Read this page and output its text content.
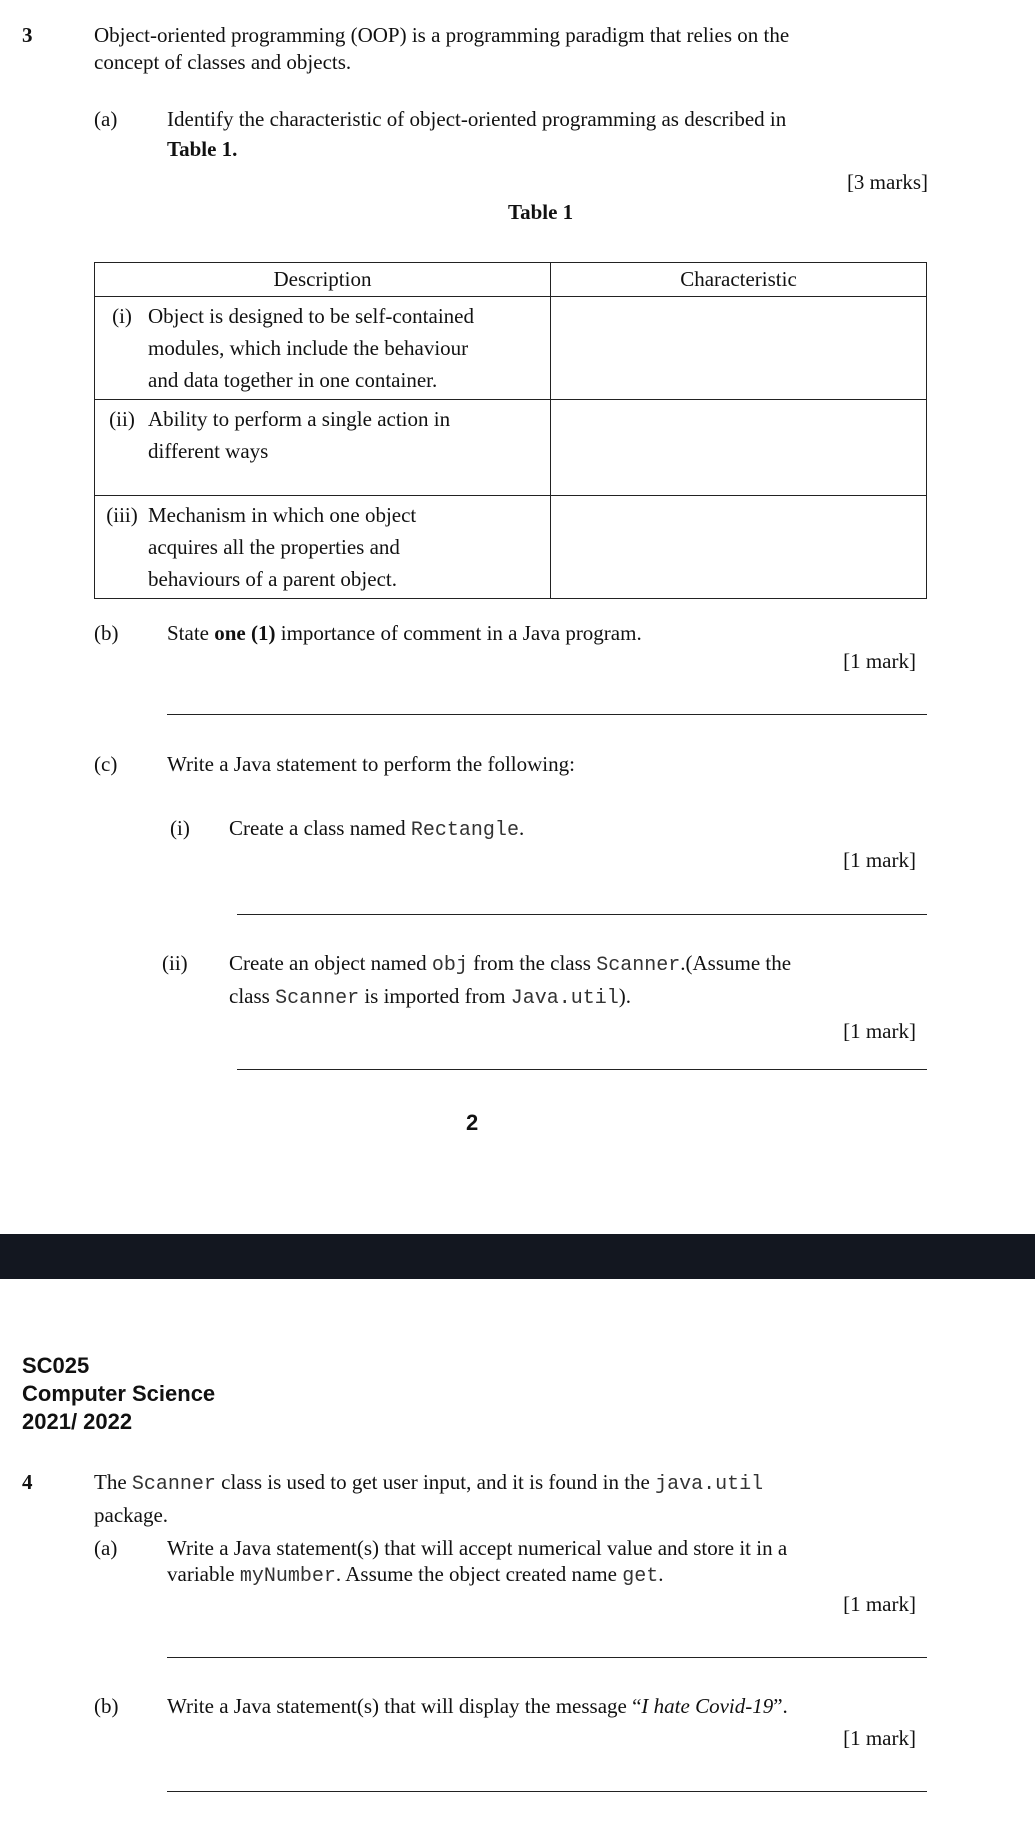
3	Object-oriented programming (OOP) is a programming paradigm that relies on the
concept of classes and objects.
(a) Identify the characteristic of object-oriented programming as described in
Table 1.
[3 marks]
Table 1
Description	Characteristic

(i) Object is designed to be self-contained
modules, which include the behaviour
and data together in one container.	

(ii) Ability to perform a single action in
different ways	

(iii) Mechanism in which one object
acquires all the properties and
behaviours of a parent object.	

(b) State one (1) importance of comment in a Java program.
[1 mark]
(c) Write a Java statement to perform the following:
(i) Create a class named Rectangle.
[1 mark]
(ii) Create an object named obj from the class Scanner.(Assume the
class Scanner is imported from Java.util).
[1 mark]
2
SC025
Computer Science
2021/ 2022
4	The Scanner class is used to get user input, and it is found in the java.util
package.
(a) Write a Java statement(s) that will accept numerical value and store it in a
variable myNumber. Assume the object created name get.
[1 mark]
(b) Write a Java statement(s) that will display the message “I hate Covid-19”.
[1 mark]
